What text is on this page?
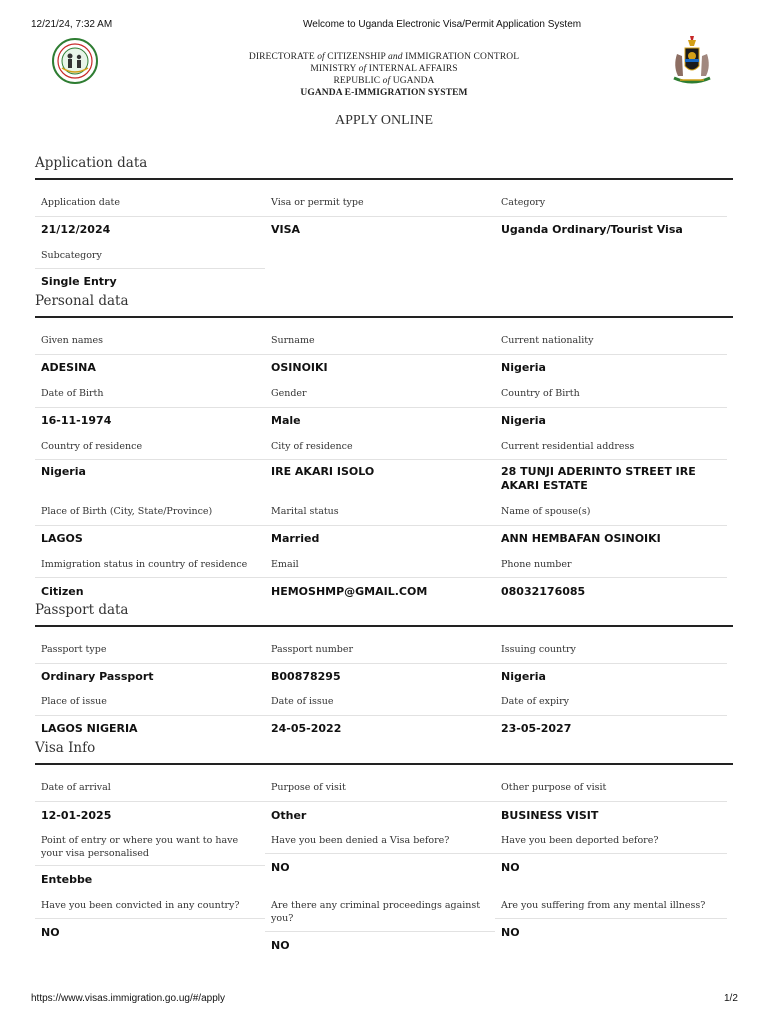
12/21/24, 7:32 AM	Welcome to Uganda Electronic Visa/Permit Application System
DIRECTORATE of CITIZENSHIP and IMMIGRATION CONTROL
MINISTRY of INTERNAL AFFAIRS
REPUBLIC of UGANDA
UGANDA E-IMMIGRATION SYSTEM
APPLY ONLINE
Application data
Application date
21/12/2024
Visa or permit type
VISA
Category
Uganda Ordinary/Tourist Visa
Subcategory
Single Entry
Personal data
Given names
ADESINA
Surname
OSINOIKI
Current nationality
Nigeria
Date of Birth
16-11-1974
Gender
Male
Country of Birth
Nigeria
Country of residence
Nigeria
City of residence
IRE AKARI ISOLO
Current residential address
28 TUNJI ADERINTO STREET IRE AKARI ESTATE
Place of Birth (City, State/Province)
LAGOS
Marital status
Married
Name of spouse(s)
ANN HEMBAFAN OSINOIKI
Immigration status in country of residence
Citizen
Email
HEMOSHMP@GMAIL.COM
Phone number
08032176085
Passport data
Passport type
Ordinary Passport
Passport number
B00878295
Issuing country
Nigeria
Place of issue
LAGOS NIGERIA
Date of issue
24-05-2022
Date of expiry
23-05-2027
Visa Info
Date of arrival
12-01-2025
Purpose of visit
Other
Other purpose of visit
BUSINESS VISIT
Point of entry or where you want to have your visa personalised
Entebbe
Have you been denied a Visa before?
NO
Have you been deported before?
NO
Have you been convicted in any country?
NO
Are there any criminal proceedings against you?
NO
Are you suffering from any mental illness?
NO
https://www.visas.immigration.go.ug/#/apply	1/2
